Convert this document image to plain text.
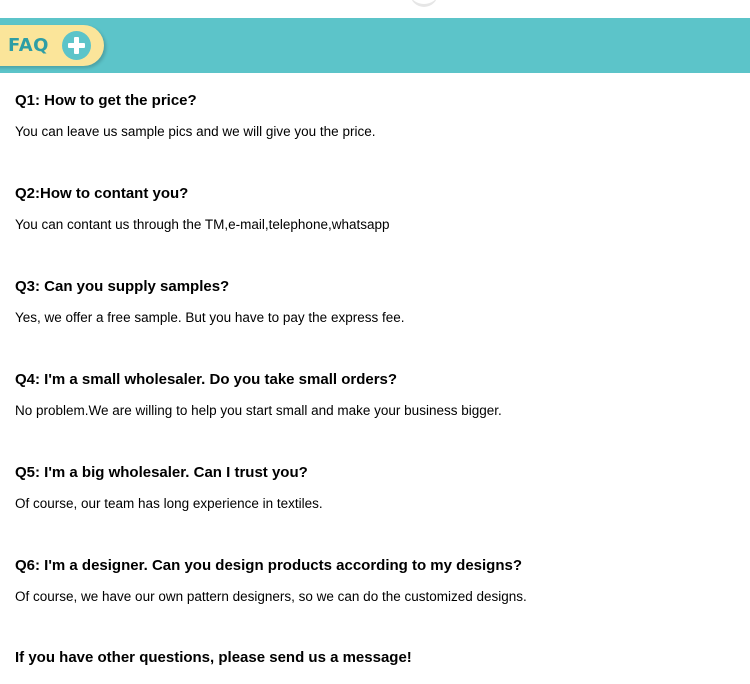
FAQ

Q1: How to get the price?

You can leave us sample pics and we will give you the price.

Q2:How to contant you?

You can contant us through the TM,e-mail,telephone,whatsapp

Q3: Can you supply samples?

Yes, we offer a free sample. But you have to pay the express fee.

Q4: I'm a small wholesaler. Do you take small orders?

No problem.We are willing to help you start small and make your business bigger.

Q5: I'm a big wholesaler. Can I trust you?

Of course, our team has long experience in textiles.

Q6: I'm a designer. Can you design products according to my designs?

Of course, we have our own pattern designers, so we can do the customized designs.

If you have other questions, please send us a message!
